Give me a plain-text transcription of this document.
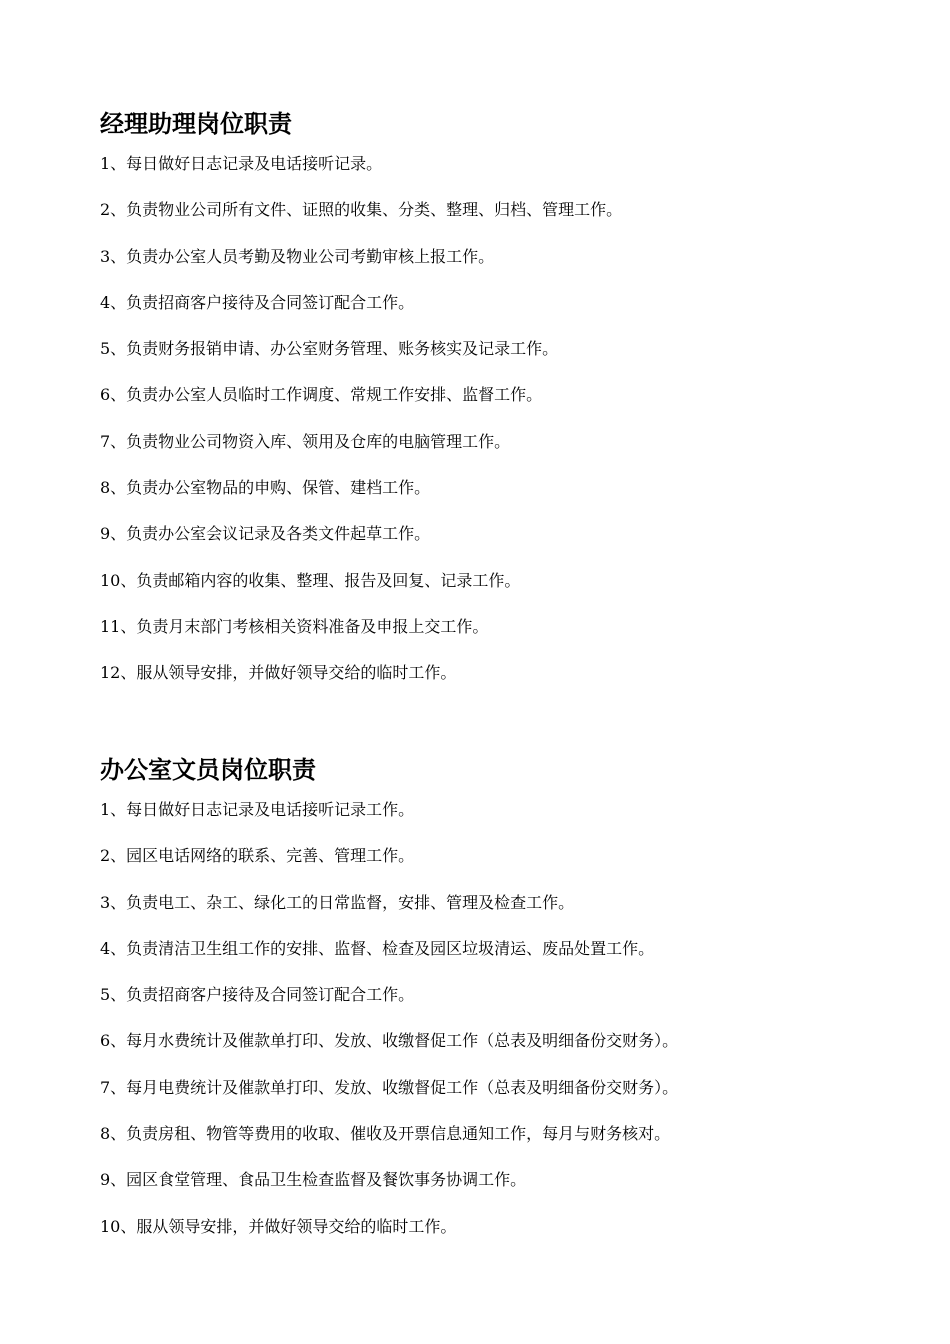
经理助理岗位职责
1、每日做好日志记录及电话接听记录。
2、负责物业公司所有文件、证照的收集、分类、整理、归档、管理工作。
3、负责办公室人员考勤及物业公司考勤审核上报工作。
4、负责招商客户接待及合同签订配合工作。
5、负责财务报销申请、办公室财务管理、账务核实及记录工作。
6、负责办公室人员临时工作调度、常规工作安排、监督工作。
7、负责物业公司物资入库、领用及仓库的电脑管理工作。
8、负责办公室物品的申购、保管、建档工作。
9、负责办公室会议记录及各类文件起草工作。
10、负责邮箱内容的收集、整理、报告及回复、记录工作。
11、负责月末部门考核相关资料准备及申报上交工作。
12、服从领导安排，并做好领导交给的临时工作。
办公室文员岗位职责
1、每日做好日志记录及电话接听记录工作。
2、园区电话网络的联系、完善、管理工作。
3、负责电工、杂工、绿化工的日常监督，安排、管理及检查工作。
4、负责清洁卫生组工作的安排、监督、检查及园区垃圾清运、废品处置工作。
5、负责招商客户接待及合同签订配合工作。
6、每月水费统计及催款单打印、发放、收缴督促工作（总表及明细备份交财务）。
7、每月电费统计及催款单打印、发放、收缴督促工作（总表及明细备份交财务）。
8、负责房租、物管等费用的收取、催收及开票信息通知工作，每月与财务核对。
9、园区食堂管理、食品卫生检查监督及餐饮事务协调工作。
10、服从领导安排，并做好领导交给的临时工作。
